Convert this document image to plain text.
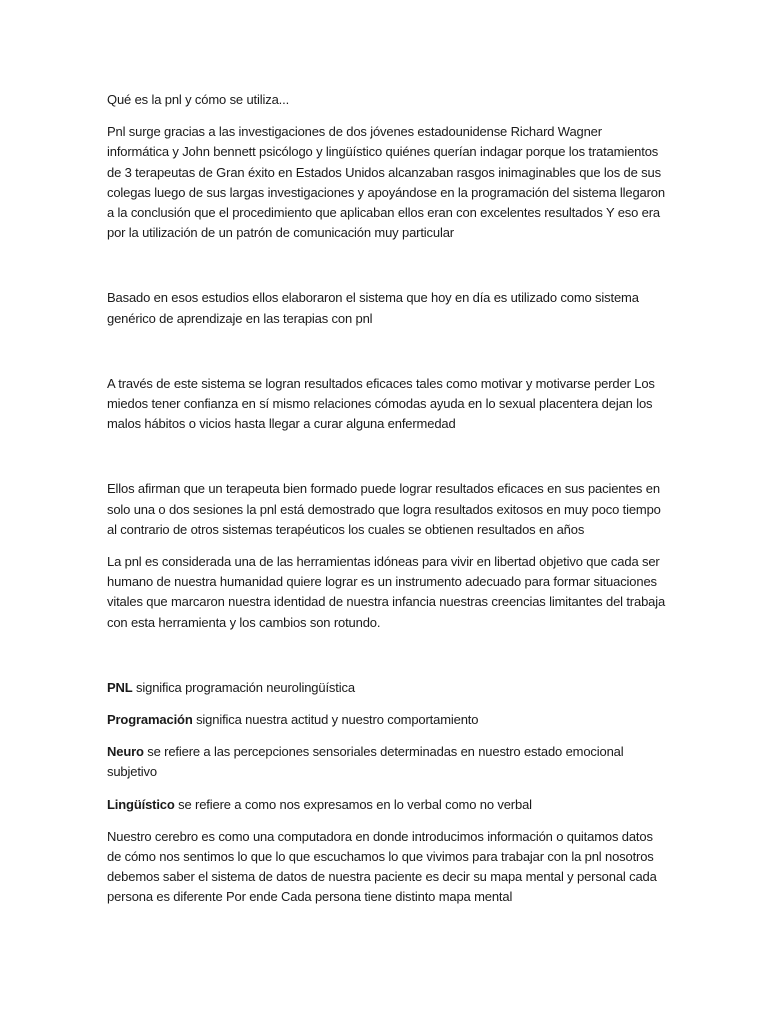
Qué es la pnl y cómo se utiliza...

Pnl surge gracias a las investigaciones de dos jóvenes estadounidense Richard Wagner informática y John bennett psicólogo y lingüístico quiénes querían indagar porque los tratamientos de 3 terapeutas de Gran éxito en Estados Unidos alcanzaban rasgos inimaginables que los de sus colegas luego de sus largas investigaciones y apoyándose en la programación del sistema llegaron a la conclusión que el procedimiento que aplicaban ellos eran con excelentes resultados Y eso era por la utilización de un patrón de comunicación muy particular

Basado en esos estudios ellos elaboraron el sistema que hoy en día es utilizado como sistema genérico de aprendizaje en las terapias con pnl

A través de este sistema se logran resultados eficaces tales como motivar y motivarse perder Los miedos tener confianza en sí mismo relaciones cómodas ayuda en lo sexual placentera dejan los malos hábitos o vicios hasta llegar a curar alguna enfermedad

Ellos afirman que un terapeuta bien formado puede lograr resultados eficaces en sus pacientes en solo una o dos sesiones la pnl está demostrado que logra resultados exitosos en muy poco tiempo al contrario de otros sistemas terapéuticos los cuales se obtienen resultados en años

La pnl es considerada una de las herramientas idóneas para vivir en libertad objetivo que cada ser humano de nuestra humanidad quiere lograr es un instrumento adecuado para formar situaciones vitales que marcaron nuestra identidad de nuestra infancia nuestras creencias limitantes del trabaja con esta herramienta y los cambios son rotundo.

PNL significa programación neurolingüística

Programación significa nuestra actitud y nuestro comportamiento

Neuro se refiere a las percepciones sensoriales determinadas en nuestro estado emocional subjetivo

Lingüístico se refiere a como nos expresamos en lo verbal como no verbal

Nuestro cerebro es como una computadora en donde introducimos información o quitamos datos de cómo nos sentimos lo que lo que escuchamos lo que vivimos para trabajar con la pnl nosotros debemos saber el sistema de datos de nuestra paciente es decir su mapa mental y personal cada persona es diferente Por ende Cada persona tiene distinto mapa mental
